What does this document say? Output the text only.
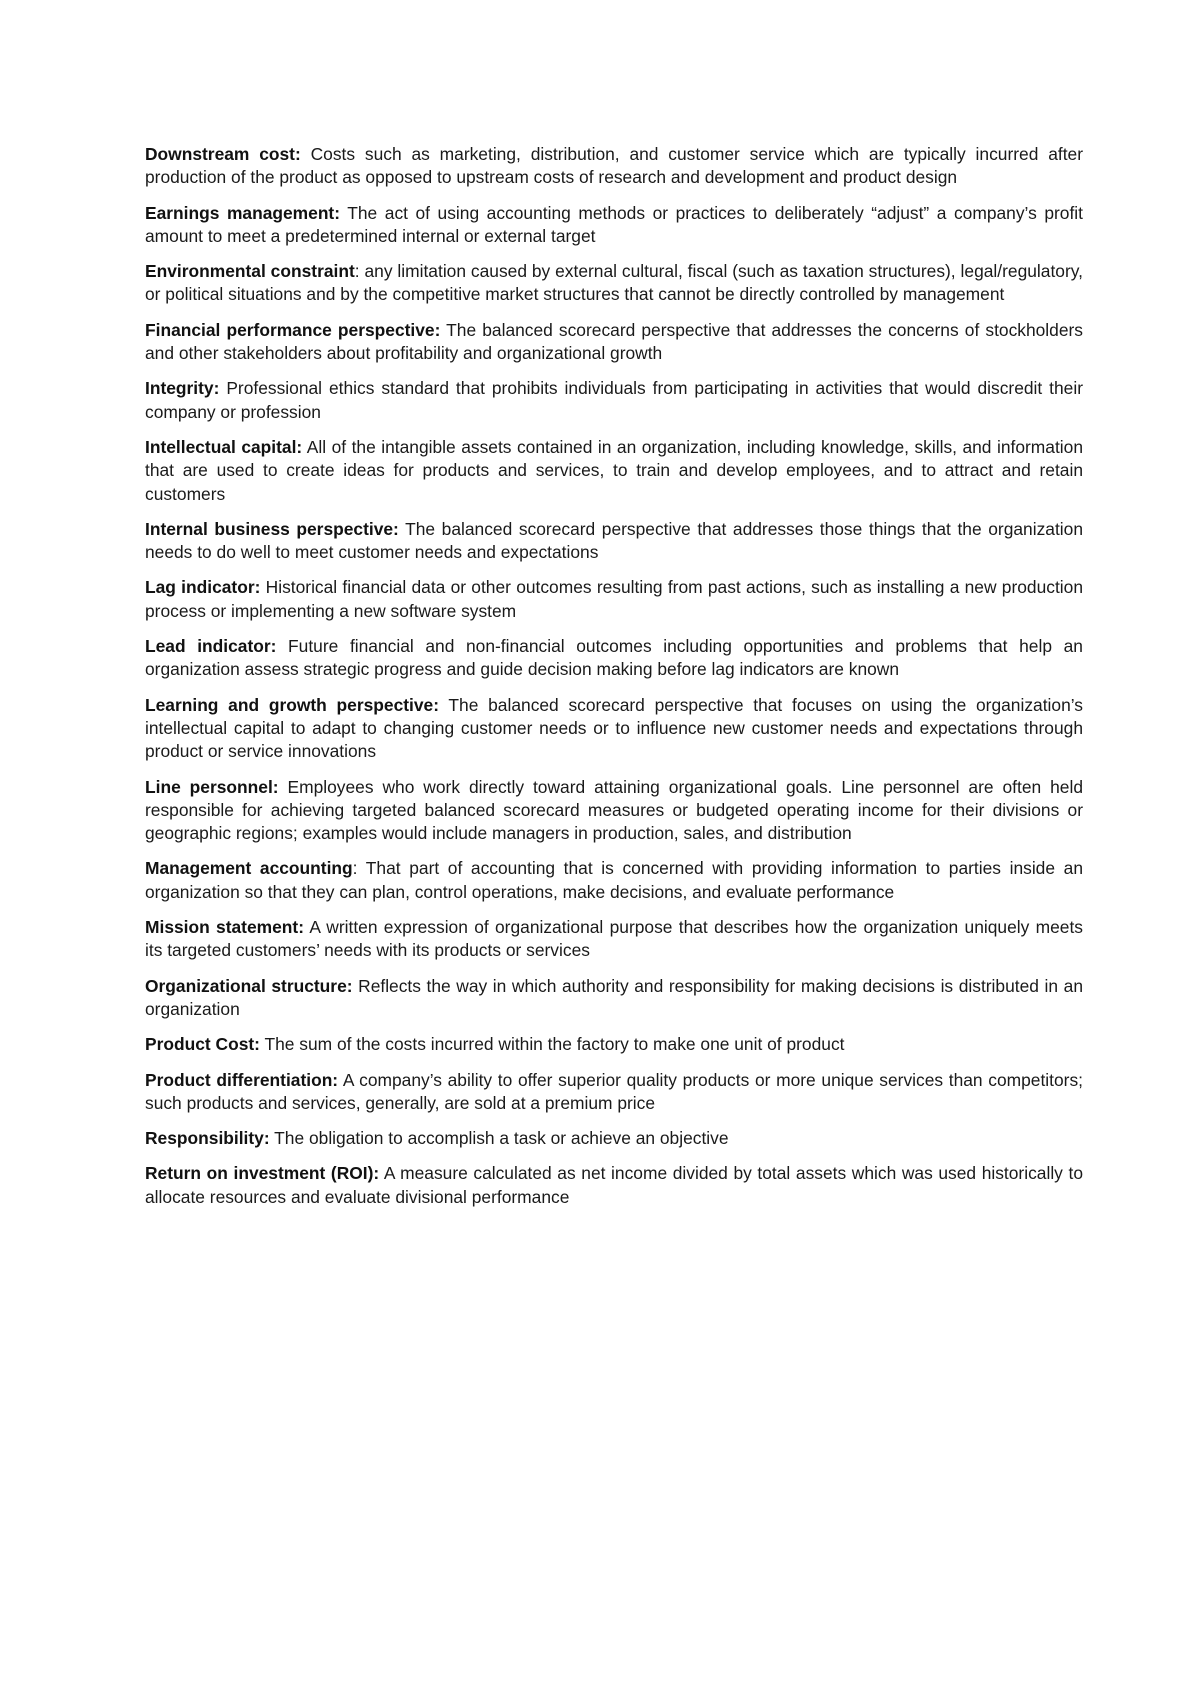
Downstream cost: Costs such as marketing, distribution, and customer service which are typically incurred after production of the product as opposed to upstream costs of research and development and product design

Earnings management: The act of using accounting methods or practices to deliberately “adjust” a company’s profit amount to meet a predetermined internal or external target

Environmental constraint: any limitation caused by external cultural, fiscal (such as taxation structures), legal/regulatory, or political situations and by the competitive market structures that cannot be directly controlled by management

Financial performance perspective: The balanced scorecard perspective that addresses the concerns of stockholders and other stakeholders about profitability and organizational growth

Integrity: Professional ethics standard that prohibits individuals from participating in activities that would discredit their company or profession

Intellectual capital: All of the intangible assets contained in an organization, including knowledge, skills, and information that are used to create ideas for products and services, to train and develop employees, and to attract and retain customers

Internal business perspective: The balanced scorecard perspective that addresses those things that the organization needs to do well to meet customer needs and expectations

Lag indicator: Historical financial data or other outcomes resulting from past actions, such as installing a new production process or implementing a new software system

Lead indicator: Future financial and non-financial outcomes including opportunities and problems that help an organization assess strategic progress and guide decision making before lag indicators are known

Learning and growth perspective: The balanced scorecard perspective that focuses on using the organization’s intellectual capital to adapt to changing customer needs or to influence new customer needs and expectations through product or service innovations

Line personnel: Employees who work directly toward attaining organizational goals. Line personnel are often held responsible for achieving targeted balanced scorecard measures or budgeted operating income for their divisions or geographic regions; examples would include managers in production, sales, and distribution

Management accounting: That part of accounting that is concerned with providing information to parties inside an organization so that they can plan, control operations, make decisions, and evaluate performance

Mission statement: A written expression of organizational purpose that describes how the organization uniquely meets its targeted customers’ needs with its products or services

Organizational structure: Reflects the way in which authority and responsibility for making decisions is distributed in an organization

Product Cost: The sum of the costs incurred within the factory to make one unit of product

Product differentiation: A company’s ability to offer superior quality products or more unique services than competitors; such products and services, generally, are sold at a premium price

Responsibility: The obligation to accomplish a task or achieve an objective

Return on investment (ROI): A measure calculated as net income divided by total assets which was used historically to allocate resources and evaluate divisional performance
